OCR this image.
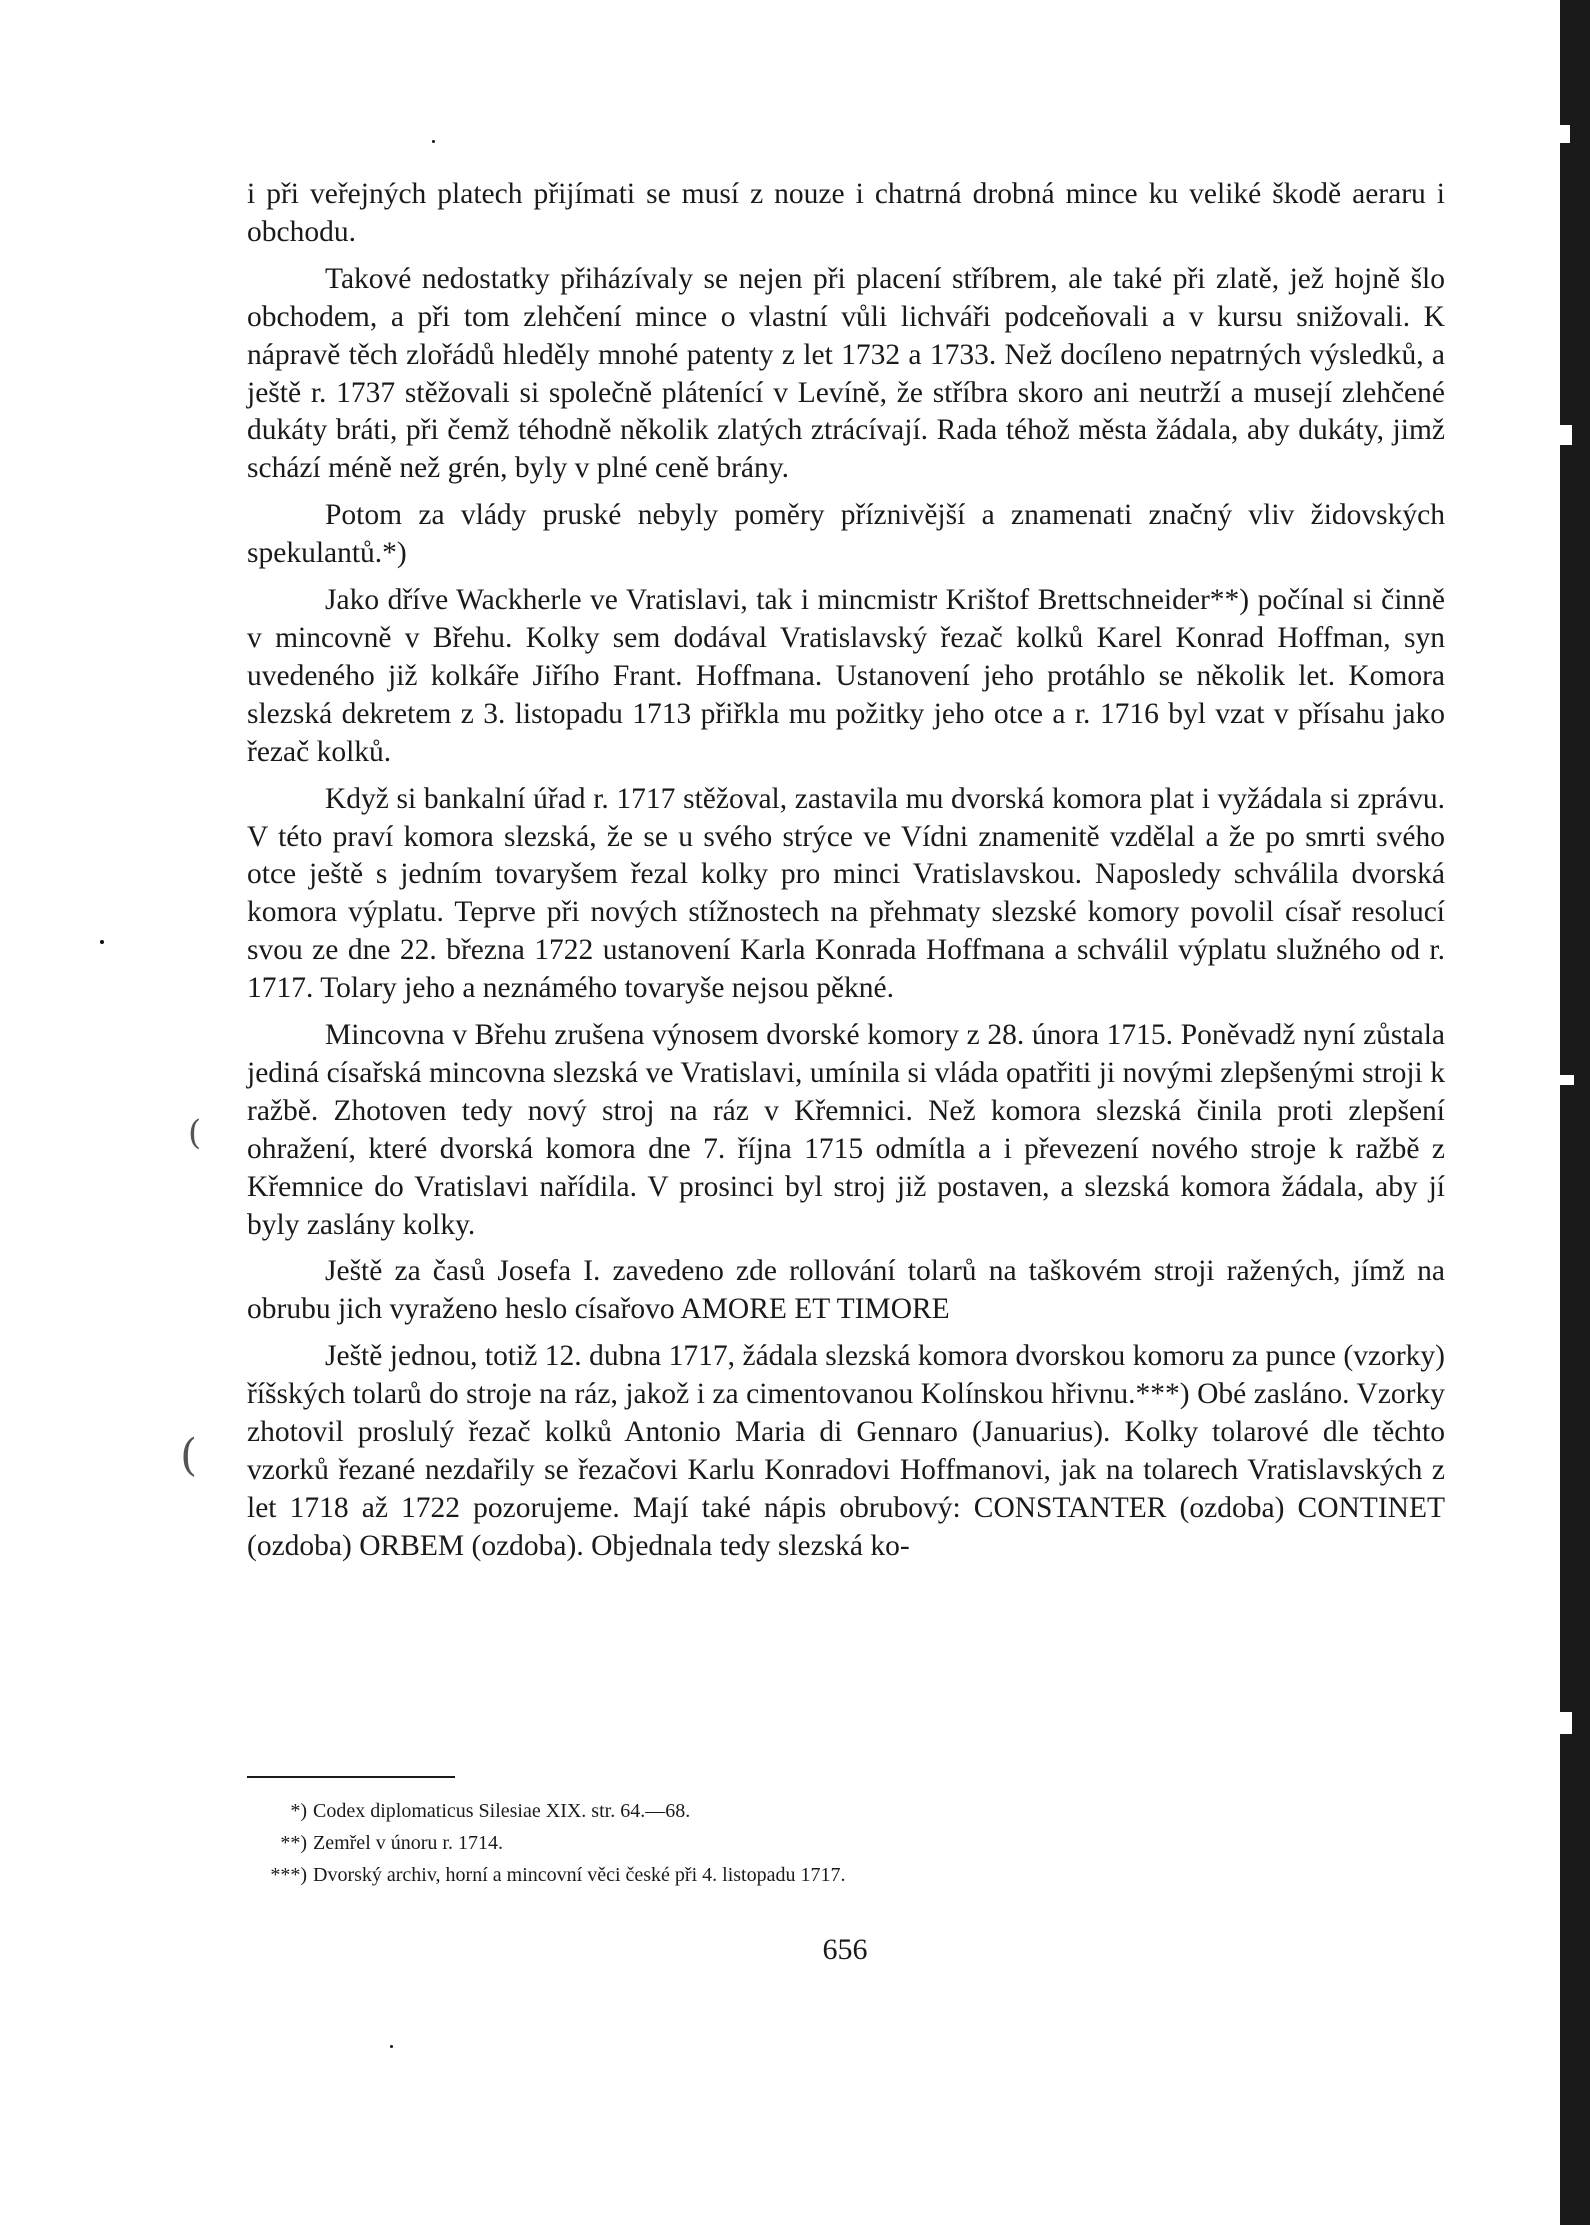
i při veřejných platech přijímati se musí z nouze i chatrná drobná mince ku veliké škodě aeraru i obchodu.

Takové nedostatky přiházívaly se nejen při placení stříbrem, ale také při zlatě, jež hojně šlo obchodem, a při tom zlehčení mince o vlastní vůli lichváři podceňovali a v kursu snižovali. K nápravě těch zlořádů hleděly mnohé patenty z let 1732 a 1733. Než docíleno nepatrných výsledků, a ještě r. 1737 stěžovali si společně plátenící v Levíně, že stříbra skoro ani neutrží a musejí zlehčené dukáty bráti, při čemž téhodně několik zlatých ztrácívají. Rada téhož města žádala, aby dukáty, jimž schází méně než grén, byly v plné ceně brány.

Potom za vlády pruské nebyly poměry příznivější a znamenati značný vliv židovských spekulantů.*)

Jako dříve Wackherle ve Vratislavi, tak i mincmistr Krištof Brettschneider**) počínal si činně v mincovně v Břehu. Kolky sem dodával Vratislavský řezač kolků Karel Konrad Hoffman, syn uvedeného již kolkáře Jiřího Frant. Hoffmana. Ustanovení jeho protáhlo se několik let. Komora slezská dekretem z 3. listopadu 1713 přiřkla mu požitky jeho otce a r. 1716 byl vzat v přísahu jako řezač kolků.

Když si bankalní úřad r. 1717 stěžoval, zastavila mu dvorská komora plat i vyžádala si zprávu. V této praví komora slezská, že se u svého strýce ve Vídni znamenitě vzdělal a že po smrti svého otce ještě s jedním tovaryšem řezal kolky pro minci Vratislavskou. Naposledy schválila dvorská komora výplatu. Teprve při nových stížnostech na přehmaty slezské komory povolil císař resolucí svou ze dne 22. března 1722 ustanovení Karla Konrada Hoffmana a schválil výplatu služného od r. 1717. Tolary jeho a neznámého tovaryše nejsou pěkné.

Mincovna v Břehu zrušena výnosem dvorské komory z 28. února 1715. Poněvadž nyní zůstala jediná císařská mincovna slezská ve Vratislavi, umínila si vláda opatřiti ji novými zlepšenými stroji k ražbě. Zhotoven tedy nový stroj na ráz v Křemnici. Než komora slezská činila proti zlepšení ohražení, které dvorská komora dne 7. října 1715 odmítla a i převezení nového stroje k ražbě z Křemnice do Vratislavi nařídila. V prosinci byl stroj již postaven, a slezská komora žádala, aby jí byly zaslány kolky.

Ještě za časů Josefa I. zavedeno zde rollování tolarů na taškovém stroji ražených, jímž na obrubu jich vyraženo heslo císařovo AMORE ET TIMORE

Ještě jednou, totiž 12. dubna 1717, žádala slezská komora dvorskou komoru za punce (vzorky) říšských tolarů do stroje na ráz, jakož i za cimentovanou Kolínskou hřivnu.***) Obé zasláno. Vzorky zhotovil proslulý řezač kolků Antonio Maria di Gennaro (Januarius). Kolky tolarové dle těchto vzorků řezané nezdařily se řezačovi Karlu Konradovi Hoffmanovi, jak na tolarech Vratislavských z let 1718 až 1722 pozorujeme. Mají také nápis obrubový: CONSTANTER (ozdoba) CONTINET (ozdoba) ORBEM (ozdoba). Objednala tedy slezská ko-

*) Codex diplomaticus Silesiae XIX. str. 64.—68.
**) Zemřel v únoru r. 1714.
***) Dvorský archiv, horní a mincovní věci české při 4. listopadu 1717.
656
(
(
